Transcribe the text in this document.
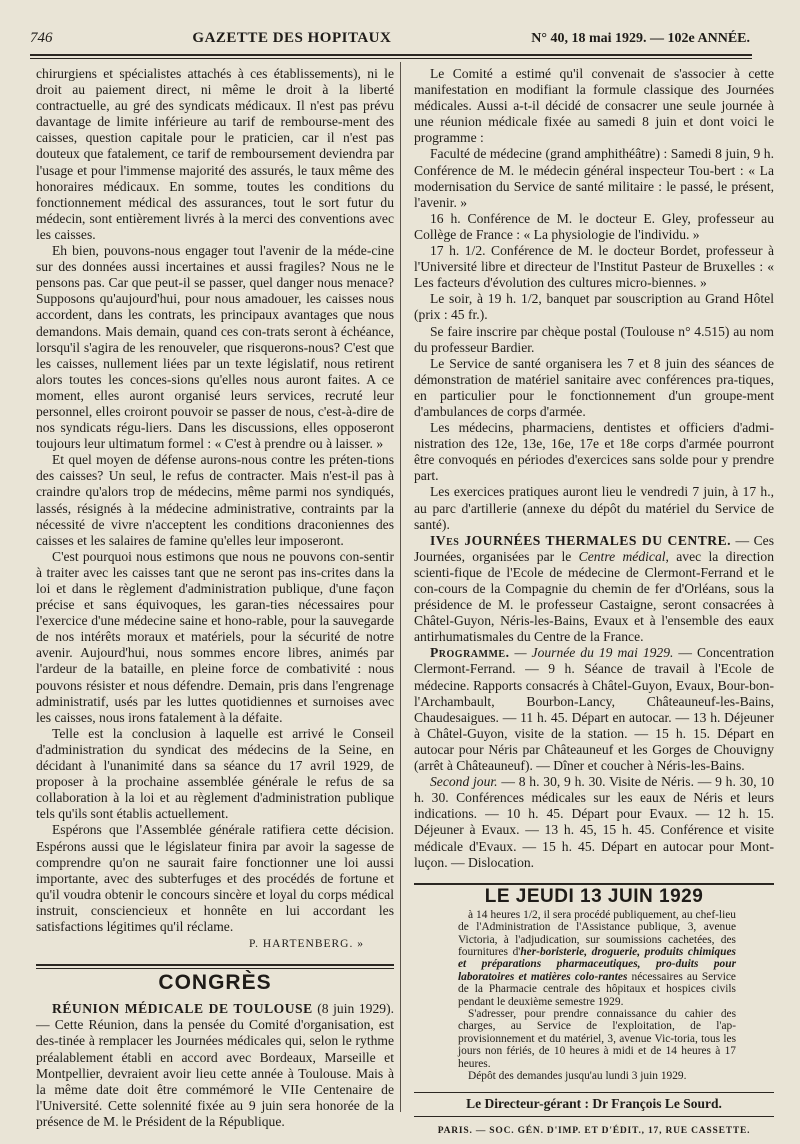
746	GAZETTE DES HOPITAUX	N° 40, 18 mai 1929. — 102e ANNÉE.

chirurgiens et spécialistes attachés à ces établissements), ni le droit au paiement direct, ni même le droit à la liberté contractuelle, au gré des syndicats médicaux. Il n'est pas prévu davantage de limite inférieure au tarif de rembourse-ment des caisses, question capitale pour le praticien, car il n'est pas douteux que fatalement, ce tarif de remboursement deviendra par l'usage et pour l'immense majorité des assurés, le taux même des honoraires médicaux. En somme, toutes les conditions du fonctionnement médical des assurances, tout le sort futur du médecin, sont entièrement livrés à la merci des conventions avec les caisses.

Eh bien, pouvons-nous engager tout l'avenir de la méde-cine sur des données aussi incertaines et aussi fragiles? Nous ne le pensons pas. Car que peut-il se passer, quel danger nous menace? Supposons qu'aujourd'hui, pour nous amadouer, les caisses nous accordent, dans les contrats, les principaux avantages que nous demandons. Mais demain, quand ces con-trats seront à échéance, lorsqu'il s'agira de les renouveler, que risquerons-nous? C'est que les caisses, nullement liées par un texte législatif, nous retirent alors toutes les conces-sions qu'elles nous auront faites. A ce moment, elles auront organisé leurs services, recruté leur personnel, elles croiront pouvoir se passer de nous, c'est-à-dire de nos syndicats régu-liers. Dans les discussions, elles opposeront toujours leur ultimatum formel : « C'est à prendre ou à laisser. »

Et quel moyen de défense aurons-nous contre les préten-tions des caisses? Un seul, le refus de contracter. Mais n'est-il pas à craindre qu'alors trop de médecins, même parmi nos syndiqués, lassés, résignés à la médecine administrative, contraints par la nécessité de vivre n'acceptent les conditions draconiennes des caisses et les salaires de famine qu'elles leur imposeront.

C'est pourquoi nous estimons que nous ne pouvons con-sentir à traiter avec les caisses tant que ne seront pas ins-crites dans la loi et dans le règlement d'administration publique, d'une façon précise et sans équivoques, les garan-ties nécessaires pour l'exercice d'une médecine saine et hono-rable, pour la sauvegarde de nos intérêts moraux et matériels, pour la sécurité de notre avenir. Aujourd'hui, nous sommes encore libres, animés par l'ardeur de la bataille, en pleine force de combativité : nous pouvons résister et nous défendre. Demain, pris dans l'engrenage administratif, usés par les luttes quotidiennes et surnoises avec les caisses, nous irons fatalement à la défaite.

Telle est la conclusion à laquelle est arrivé le Conseil d'administration du syndicat des médecins de la Seine, en décidant à l'unanimité dans sa séance du 17 avril 1929, de proposer à la prochaine assemblée générale le refus de sa collaboration à la loi et au règlement d'administration publique tels qu'ils sont établis actuellement.

Espérons que l'Assemblée générale ratifiera cette décision. Espérons aussi que le législateur finira par avoir la sagesse de comprendre qu'on ne saurait faire fonctionner une loi aussi importante, avec des subterfuges et des procédés de fortune et qu'il voudra obtenir le concours sincère et loyal du corps médical instruit, consciencieux et honnête en lui accordant les satisfactions légitimes qu'il réclame.

P. HARTENBERG. »

CONGRÈS

RÉUNION MÉDICALE DE TOULOUSE (8 juin 1929). — Cette Réunion, dans la pensée du Comité d'organisation, est des-tinée à remplacer les Journées médicales qui, selon le rythme préalablement établi en accord avec Bordeaux, Marseille et Montpellier, devraient avoir lieu cette année à Toulouse. Mais à la même date doit être commémoré le VIIe Centenaire de l'Université. Cette solennité fixée au 9 juin sera honorée de la présence de M. le Président de la République.

Le Comité a estimé qu'il convenait de s'associer à cette manifestation en modifiant la formule classique des Journées médicales. Aussi a-t-il décidé de consacrer une seule journée à une réunion médicale fixée au samedi 8 juin et dont voici le programme :

Faculté de médecine (grand amphithéâtre) : Samedi 8 juin, 9 h. Conférence de M. le médecin général inspecteur Tou-bert : « La modernisation du Service de santé militaire : le passé, le présent, l'avenir. »

16 h. Conférence de M. le docteur E. Gley, professeur au Collège de France : « La physiologie de l'individu. »

17 h. 1/2. Conférence de M. le docteur Bordet, professeur à l'Université libre et directeur de l'Institut Pasteur de Bruxelles : « Les facteurs d'évolution des cultures micro-biennes. »

Le soir, à 19 h. 1/2, banquet par souscription au Grand Hôtel (prix : 45 fr.).

Se faire inscrire par chèque postal (Toulouse n° 4.515) au nom du professeur Bardier.

Le Service de santé organisera les 7 et 8 juin des séances de démonstration de matériel sanitaire avec conférences pra-tiques, en particulier pour le fonctionnement d'un groupe-ment d'ambulances de corps d'armée.

Les médecins, pharmaciens, dentistes et officiers d'admi-nistration des 12e, 13e, 16e, 17e et 18e corps d'armée pourront être convoqués en périodes d'exercices sans solde pour y prendre part.

Les exercices pratiques auront lieu le vendredi 7 juin, à 17 h., au parc d'artillerie (annexe du dépôt du matériel du Service de santé).

IVes JOURNÉES THERMALES DU CENTRE. — Ces Journées, organisées par le Centre médical, avec la direction scienti-fique de l'Ecole de médecine de Clermont-Ferrand et le con-cours de la Compagnie du chemin de fer d'Orléans, sous la présidence de M. le professeur Castaigne, seront consacrées à Châtel-Guyon, Néris-les-Bains, Evaux et à l'ensemble des eaux antirhumatismales du Centre de la France.

Programme. — Journée du 19 mai 1929. — Concentration Clermont-Ferrand. — 9 h. Séance de travail à l'Ecole de médecine. Rapports consacrés à Châtel-Guyon, Evaux, Bour-bon-l'Archambault, Bourbon-Lancy, Châteauneuf-les-Bains, Chaudesaigues. — 11 h. 45. Départ en autocar. — 13 h. Déjeuner à Châtel-Guyon, visite de la station. — 15 h. 15. Départ en autocar pour Néris par Châteauneuf et les Gorges de Chouvigny (arrêt à Châteauneuf). — Dîner et coucher à Néris-les-Bains.

Second jour. — 8 h. 30, 9 h. 30. Visite de Néris. — 9 h. 30, 10 h. 30. Conférences médicales sur les eaux de Néris et leurs indications. — 10 h. 45. Départ pour Evaux. — 12 h. 15. Déjeuner à Evaux. — 13 h. 45, 15 h. 45. Conférence et visite médicale d'Evaux. — 15 h. 45. Départ en autocar pour Mont-luçon. — Dislocation.

LE JEUDI 13 JUIN 1929

à 14 heures 1/2, il sera procédé publiquement, au chef-lieu de l'Administration de l'Assistance publique, 3, avenue Victoria, à l'adjudication, sur soumissions cachetées, des fournitures d'her-boristerie, droguerie, produits chimiques et préparations pharmaceutiques, pro-duits pour laboratoires et matières colo-rantes nécessaires au Service de la Pharmacie centrale des hôpitaux et hospices civils pendant le deuxième semestre 1929.

S'adresser, pour prendre connaissance du cahier des charges, au Service de l'exploitation, de l'ap-provisionnement et du matériel, 3, avenue Vic-toria, tous les jours non fériés, de 10 heures à midi et de 14 heures à 17 heures.

Dépôt des demandes jusqu'au lundi 3 juin 1929.

Le Directeur-gérant : Dr François Le Sourd.
PARIS. — SOC. GÉN. D'IMP. ET D'ÉDIT., 17, RUE CASSETTE.
